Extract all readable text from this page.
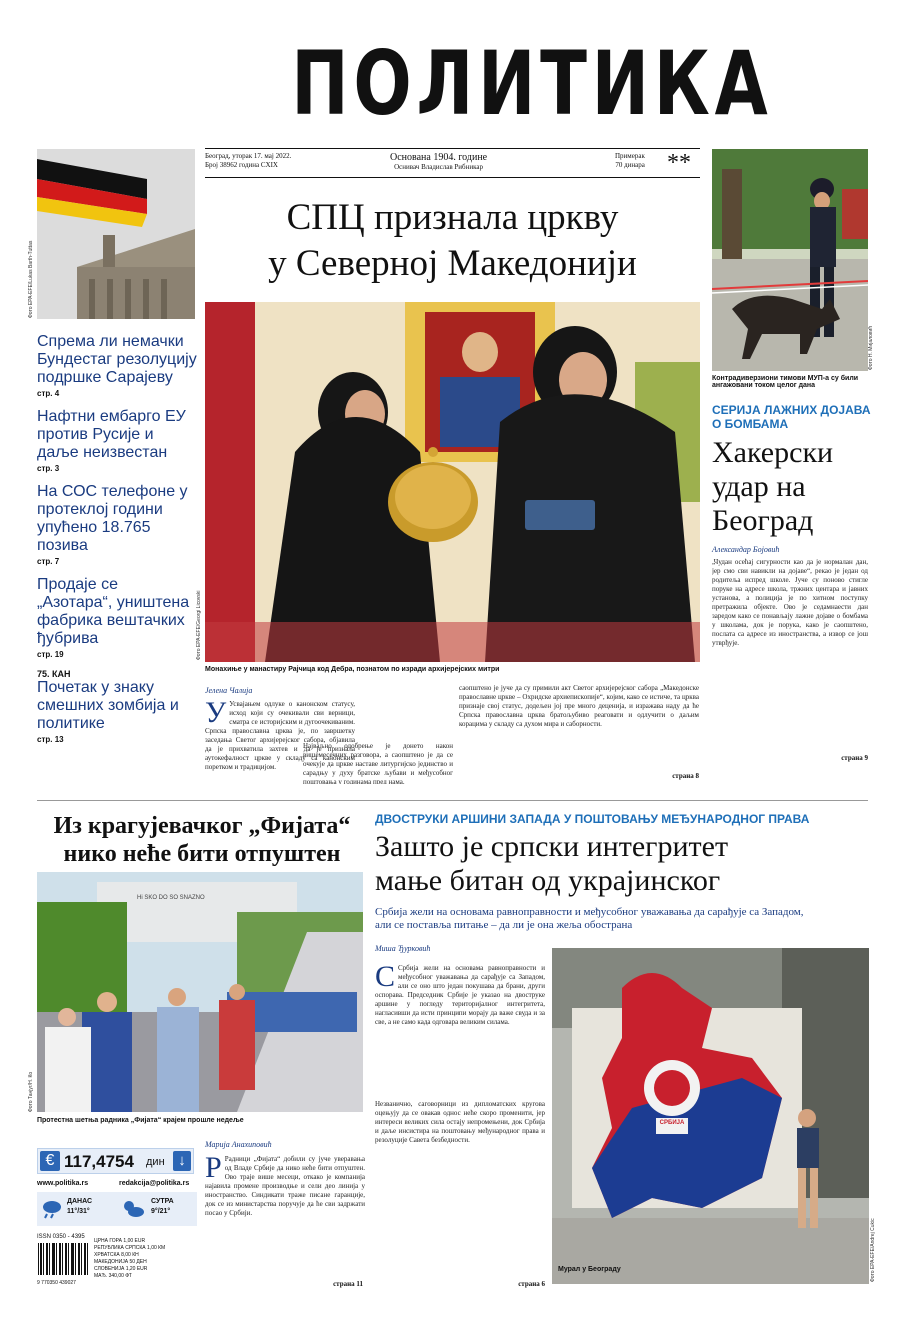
ПОЛИТИКА
Београд, уторак 17. мај 2022.
Број 38962 година CXIX
Основана 1904. године
Оснивач Владислав Рибникар
Примерак
70 динара **
Фото EPA-EFE/Lukas Barth-Tuttas
Спрема ли немачки Бундестаг резолуцију подршке Сарајеву
стр. 4
Нафтни ембарго ЕУ против Русије и даље неизвестан
стр. 3
На СОС телефоне у протеклој години упућено 18.765 позива
стр. 7
Продаје се „Азотара“, уништена фабрика вештачких ђубрива
стр. 19
75. КАН
Почетак у знаку смешних зомбија и политике
стр. 13
СПЦ признала цркву
у Северној Македонији
Фото EPA-EFE/Georgi Licovski
Монахиње у манастиру Рајчица код Дебра, познатом по изради архијерејских митри
Јелена Чалија
У Усвајањем одлуке о канонском статусу, исход који су очекивали сви верници, сматра се историјским и дугоочекиваним. Српска православна црква је, по завршетку заседања Светог архијерејског сабора, објавила да је прихватила захтев и да је признала аутокефалност цркве у складу са канонским поретком и традицијом.
Најваљно одобрење је донето након вишемесечних разговора, а саопштено је да се очекује да цркве наставе литургијско јединство и сарадњу у духу братске љубави и међусобног поштовања у годинама пред нама.
саопштено је јуче да су примили акт Светог архијерејског сабора „Македонске православне цркве – Охридске архиепископије“, којим, како се истиче, та црква признаје свој статус, додељен јој пре много деценија, и изражава наду да ће Српска православна црква братољубиво реаговати и одлучити о даљим корацима у складу са духом мира и саборности.
страна 8
Фото H. Мијаловић
Контрадиверзиони тимови МУП-а су били ангажовани током целог дана
СЕРИЈА ЛАЖНИХ ДОЈАВА О БОМБАМА
Хакерски удар на Београд
Александар Бојовић
„Чудан осећај сигурности као да је нормалан дан, јер смо сви навикли на дојаве“, рекао је један од родитеља испред школе. Јуче су поново стигле поруке на адресе школа, тржних центара и јавних установа, а полиција је по хитном поступку претражила објекте. Ово је седамнаести дан заредом како се понављају лажне дојаве о бомбама у школама, док је порука, како је саопштено, послата са адресе из иностранства, а извор се још утврђује.
страна 9
Из крагујевачког „Фијата“
нико неће бити отпуштен
Hi SKO DO SO SNAZNO
Фото Танјуг/Н. Ко
Протестна шетња радника „Фијата“ крајем прошле недеље
€ 117,4754 дин ↓
www.politika.rs	redakcija@politika.rs
ДАНАС
11°/31°
СУТРА
9°/21°
ISSN 0350 - 4395
9 770350 439027
ЦРНА ГОРА 1,00 EUR
РЕПУБЛИКА СРПСКА 1,00 КМ
ХРВАТСКА 8,00 КН
МАКЕДОНИЈА 50 ДЕН
СЛОВЕНИЈА 1,20 EUR
МАЂ. 340,00 ФТ
Марија Анахиповић
Р Радници „Фијата“ добили су јуче уверавања од Владе Србије да нико неће бити отпуштен. Ово траје више месеци, откако је компанија најавила промене производње и сели део линија у иностранство. Синдикати траже писане гаранције, док се из министарства поручује да ће сви задржати посао у Србији.
страна 11
ДВОСТРУКИ АРШИНИ ЗАПАДА У ПОШТОВАЊУ МЕЂУНАРОДНОГ ПРАВА
Зашто је српски интегритет
мање битан од украјинског
Србија жели на основама равноправности и међусобног уважавања да сарађује са Западом, али се поставља питање – да ли је она жеља обострана
Миша Ђурковић
С Србија жели на основама равноправности и међусобног уважавања да сарађује са Западом, али се оно што један покушава да брани, други оспорава. Председник Србије је указао на двоструке аршине у погледу територијалног интегритета, нагласивши да исти принципи морају да важе свуда и за све, а не само када одговара великим силама.
Незванично, саговорници из дипломатских кругова оцењују да се овакав однос неће скоро променити, јер интереси великих сила остају непромењени, док Србија и даље инсистира на поштовању међународног права и резолуције Савета безбедности.
страна 6
СРБИЈА
Мурал у Београду	Фото EPA-EFE/Andrej Cukic
